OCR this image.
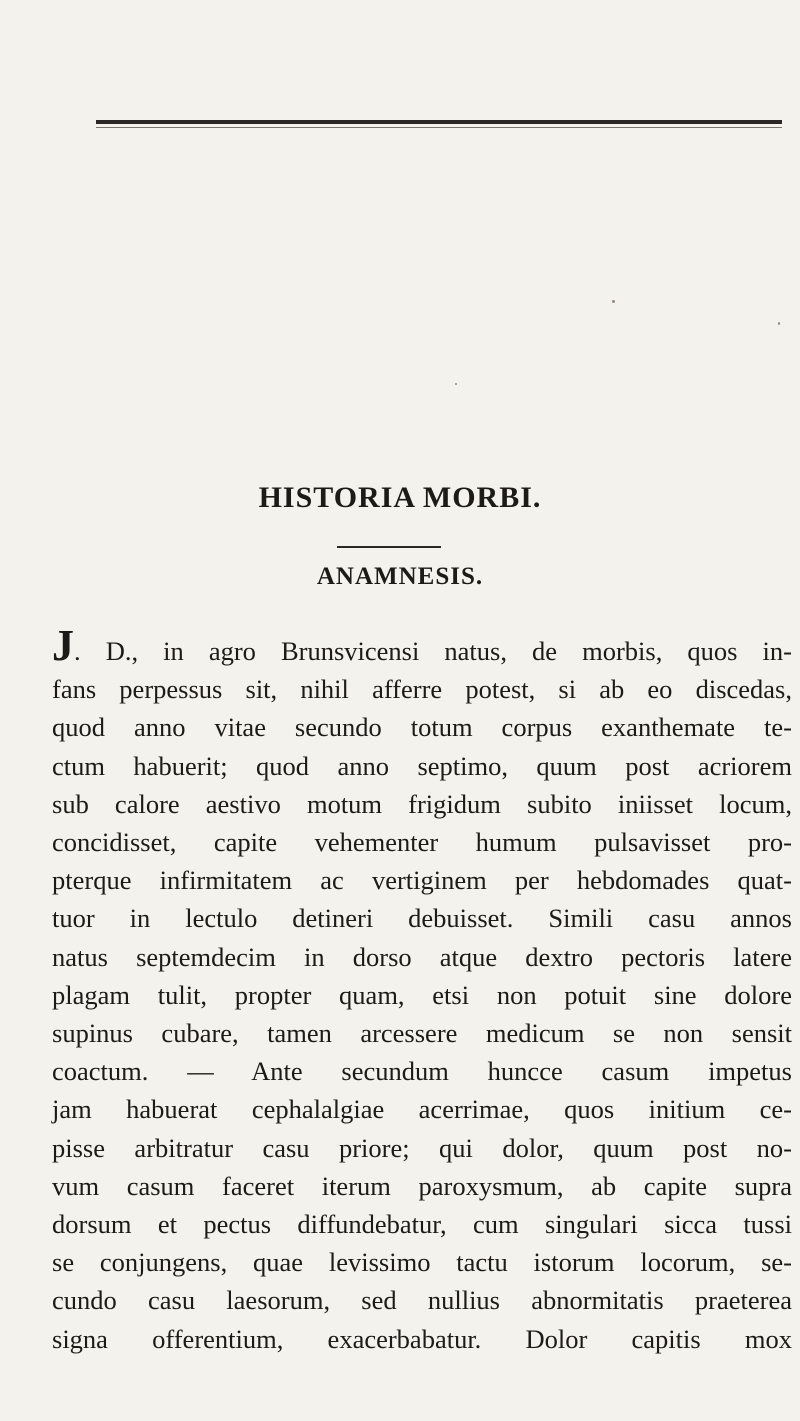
HISTORIA MORBI.
ANAMNESIS.
J. D., in agro Brunsvicensi natus, de morbis, quos in-
fans perpessus sit, nihil afferre potest, si ab eo discedas,
quod anno vitae secundo totum corpus exanthemate te-
ctum habuerit; quod anno septimo, quum post acriorem
sub calore aestivo motum frigidum subito iniisset locum,
concidisset, capite vehementer humum pulsavisset pro-
pterque infirmitatem ac vertiginem per hebdomades quat-
tuor in lectulo detineri debuisset. Simili casu annos
natus septemdecim in dorso atque dextro pectoris latere
plagam tulit, propter quam, etsi non potuit sine dolore
supinus cubare, tamen arcessere medicum se non sensit
coactum. — Ante secundum huncce casum impetus
jam habuerat cephalalgiae acerrimae, quos initium ce-
pisse arbitratur casu priore; qui dolor, quum post no-
vum casum faceret iterum paroxysmum, ab capite supra
dorsum et pectus diffundebatur, cum singulari sicca tussi
se conjungens, quae levissimo tactu istorum locorum, se-
cundo casu laesorum, sed nullius abnormitatis praeterea
signa offerentium, exacerbabatur. Dolor capitis mox
